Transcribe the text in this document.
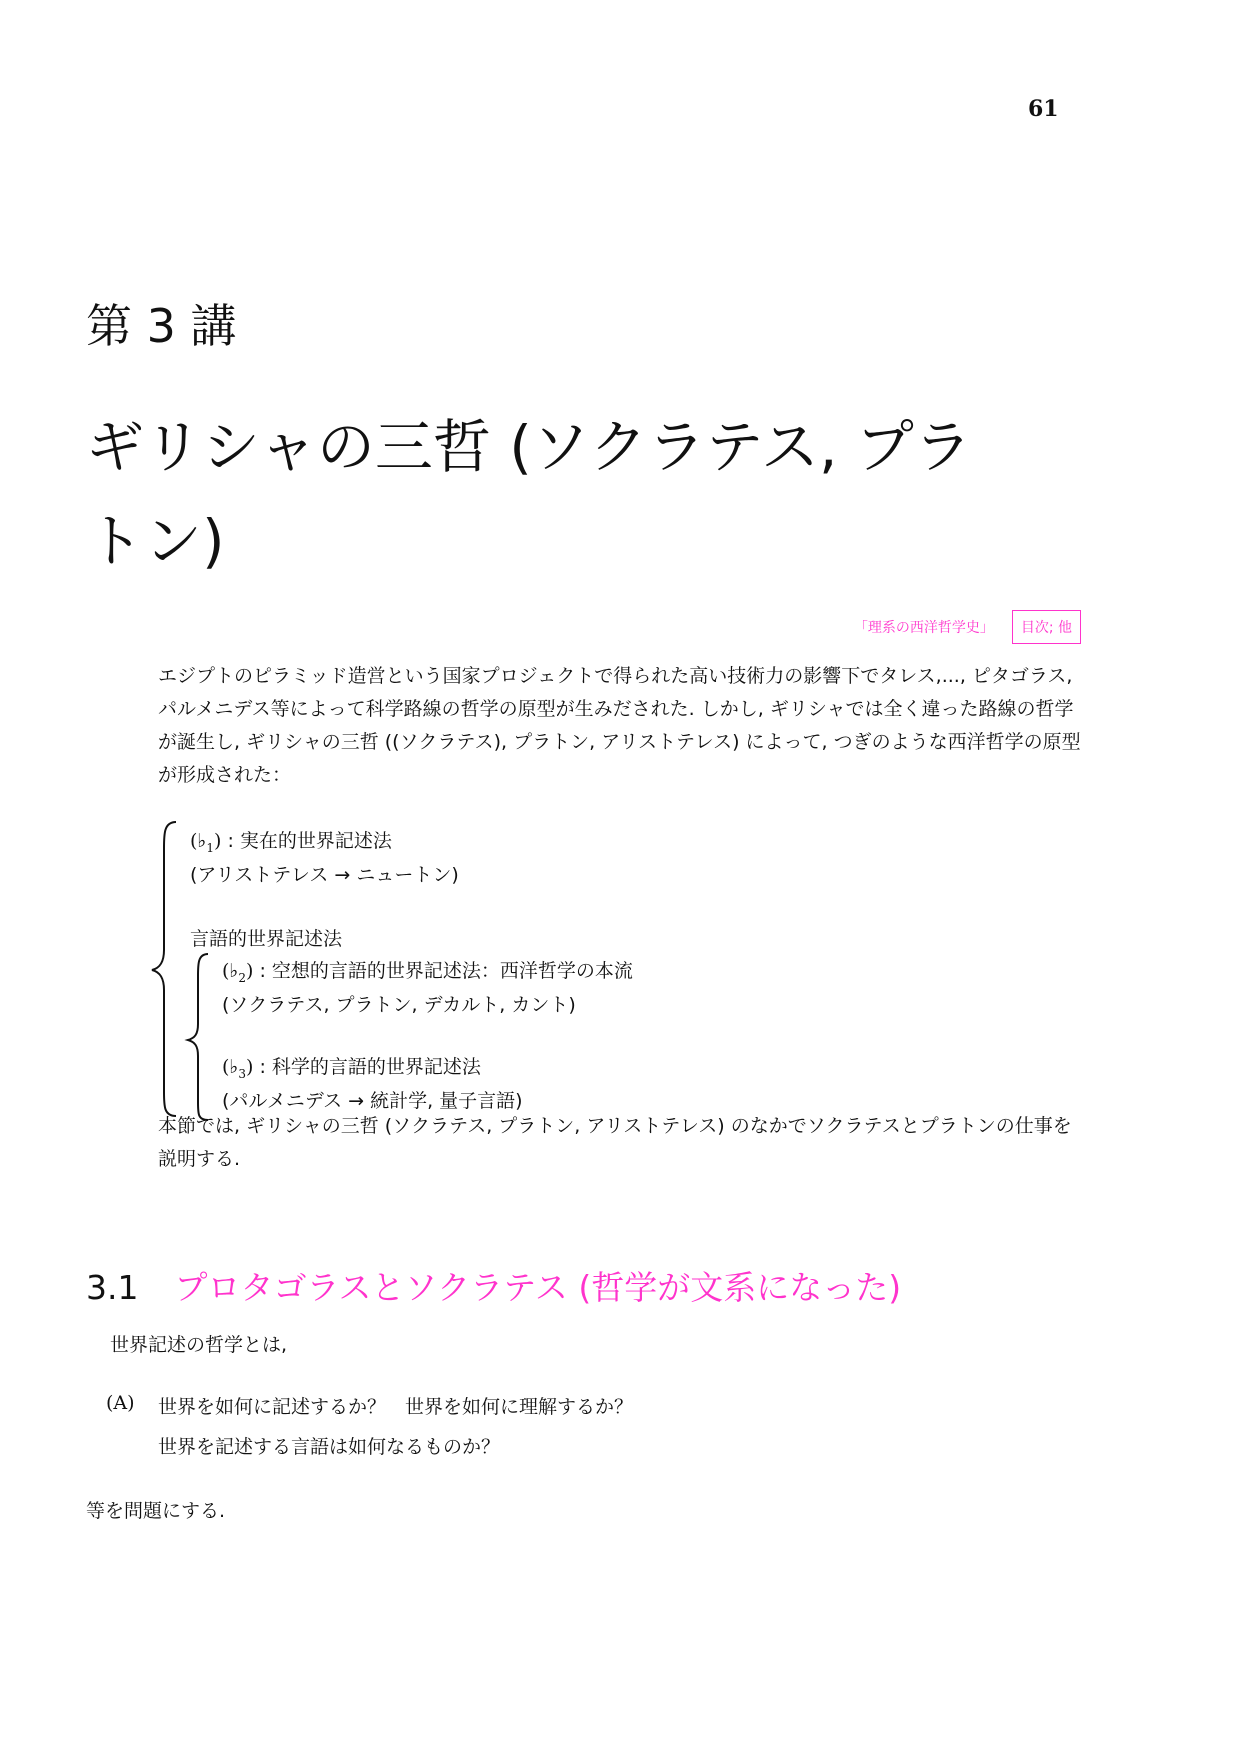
61
第 3 講
ギリシャの三哲 (ソクラテス, プラトン)
「理系の西洋哲学史」	目次; 他
エジプトのピラミッド造営という国家プロジェクトで得られた高い技術力の影響下でタレス,..., ピタゴラス, パルメニデス等によって科学路線の哲学の原型が生みだされた. しかし, ギリシャでは全く違った路線の哲学が誕生し, ギリシャの三哲 ((ソクラテス), プラトン, アリストテレス) によって, つぎのような西洋哲学の原型が形成された：
$(♭_1)$ : 実在的世界記述法
(アリストテレス → ニュートン)
言語的世界記述法
$(♭_2)$ : 空想的言語的世界記述法：西洋哲学の本流
(ソクラテス, プラトン, デカルト, カント)
$(♭_3)$ : 科学的言語的世界記述法
(パルメニデス → 統計学, 量子言語)
本節では, ギリシャの三哲 (ソクラテス, プラトン, アリストテレス) のなかでソクラテスとプラトンの仕事を説明する.
3.1 プロタゴラスとソクラテス (哲学が文系になった)
世界記述の哲学とは,
(A) 世界を如何に記述するか？　世界を如何に理解するか？
世界を記述する言語は如何なるものか？
等を問題にする.
